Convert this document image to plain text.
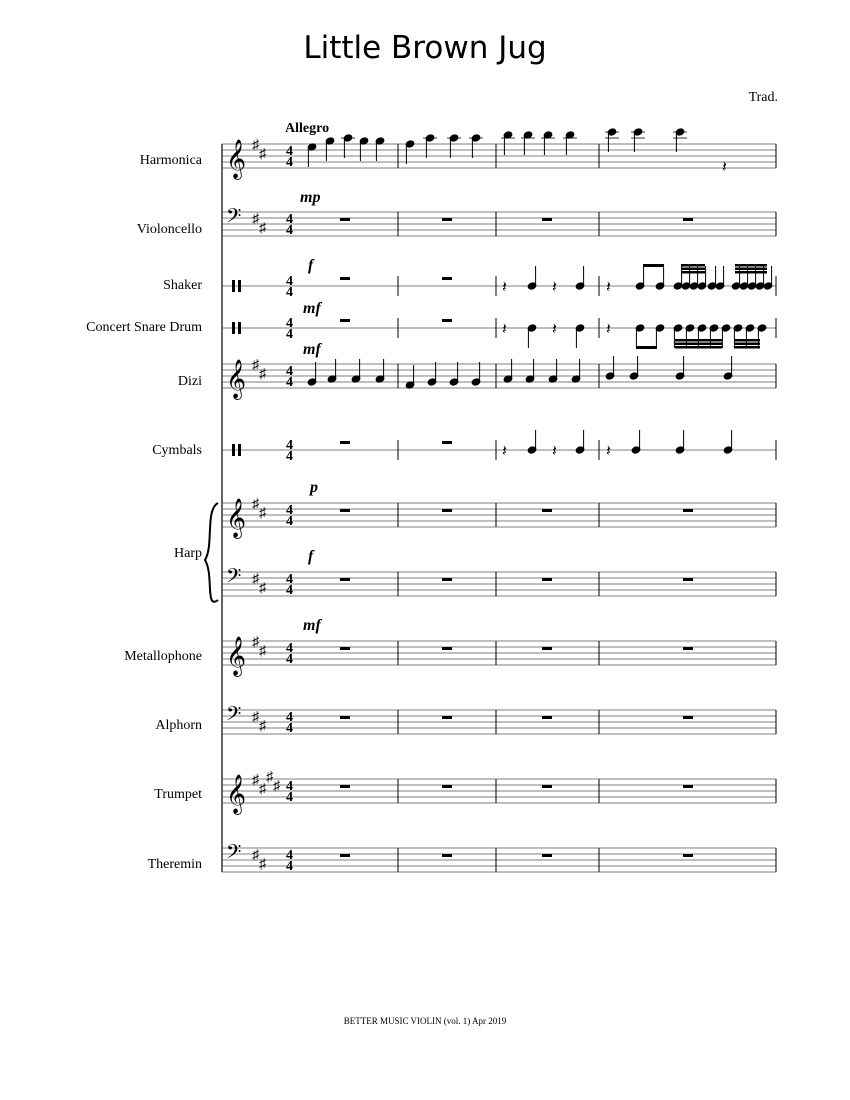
Little Brown Jug
Trad.
Harmonica
Violoncello
Shaker
Concert Snare Drum
Dizi
Cymbals
Harp
Metallophone
Alphorn
Trumpet
Theremin
𝄞 ♯
♯ 4
4	𝄽
𝄢 ♯
♯
4
4
4
4	𝄽	𝄽	𝄽
4
4	𝄽	𝄽	𝄽
𝄞 ♯
♯ 4
4
4
4	𝄽	𝄽	𝄽
𝄞 ♯
♯ 4
4
𝄢 ♯
♯
4
4
𝄞 ♯
♯ 4
4
𝄢 ♯
♯
4
4
𝄞 ♯
♯
♯
♯ 4
4
𝄢 ♯
♯
4
4
Allegro
mp
f
mf
mf
p
f
mf
BETTER MUSIC VIOLIN (vol. 1) Apr 2019
